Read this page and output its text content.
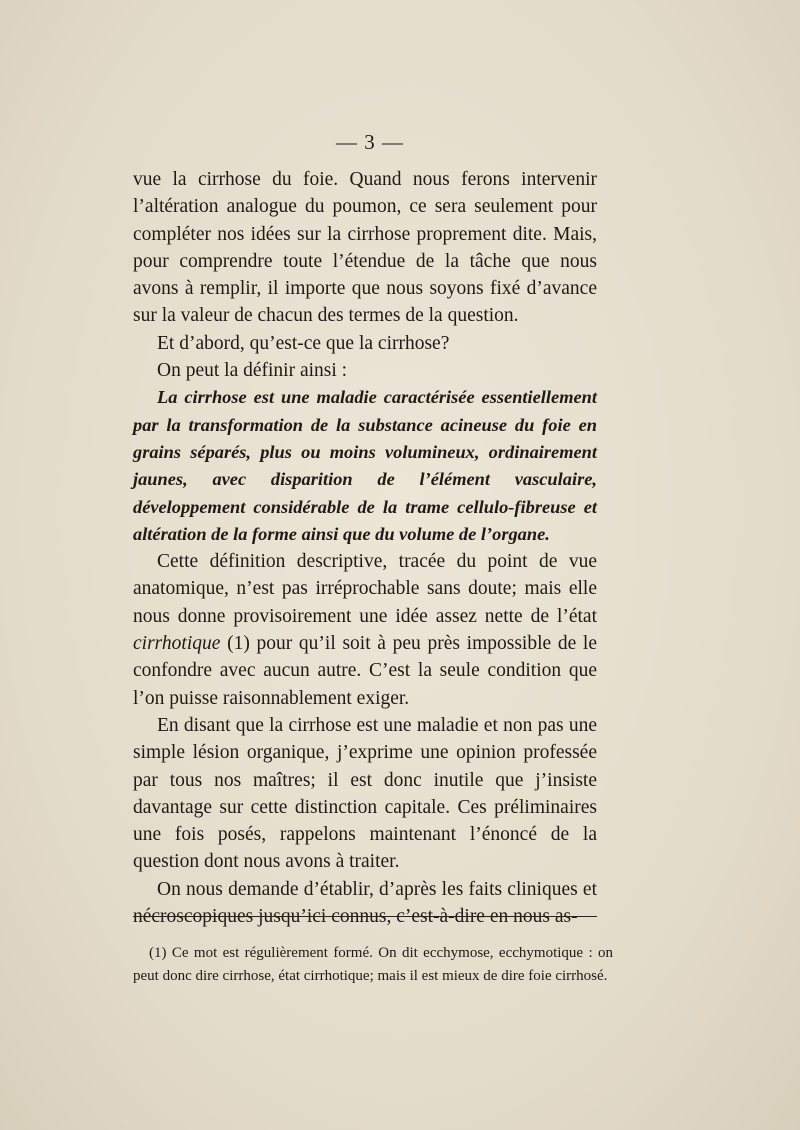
— 3 —

vue la cirrhose du foie. Quand nous ferons intervenir l’altération analogue du poumon, ce sera seulement pour compléter nos idées sur la cirrhose proprement dite. Mais, pour comprendre toute l’étendue de la tâche que nous avons à remplir, il importe que nous soyons fixé d’avance sur la valeur de chacun des termes de la question.

Et d’abord, qu’est-ce que la cirrhose?

On peut la définir ainsi :

La cirrhose est une maladie caractérisée essentiellement par la transformation de la substance acineuse du foie en grains séparés, plus ou moins volumineux, ordinairement jaunes, avec disparition de l’élément vasculaire, développement considérable de la trame cellulo-fibreuse et altération de la forme ainsi que du volume de l’organe.

Cette définition descriptive, tracée du point de vue anatomique, n’est pas irréprochable sans doute; mais elle nous donne provisoirement une idée assez nette de l’état cirrhotique (1) pour qu’il soit à peu près impossible de le confondre avec aucun autre. C’est la seule condition que l’on puisse raisonnablement exiger.

En disant que la cirrhose est une maladie et non pas une simple lésion organique, j’exprime une opinion professée par tous nos maîtres; il est donc inutile que j’insiste davantage sur cette distinction capitale. Ces préliminaires une fois posés, rappelons maintenant l’énoncé de la question dont nous avons à traiter.

On nous demande d’établir, d’après les faits cliniques et nécroscopiques jusqu’ici connus, c’est-à-dire en nous as-

(1) Ce mot est régulièrement formé. On dit ecchymose, ecchymotique : on peut donc dire cirrhose, état cirrhotique; mais il est mieux de dire foie cirrhosé.
